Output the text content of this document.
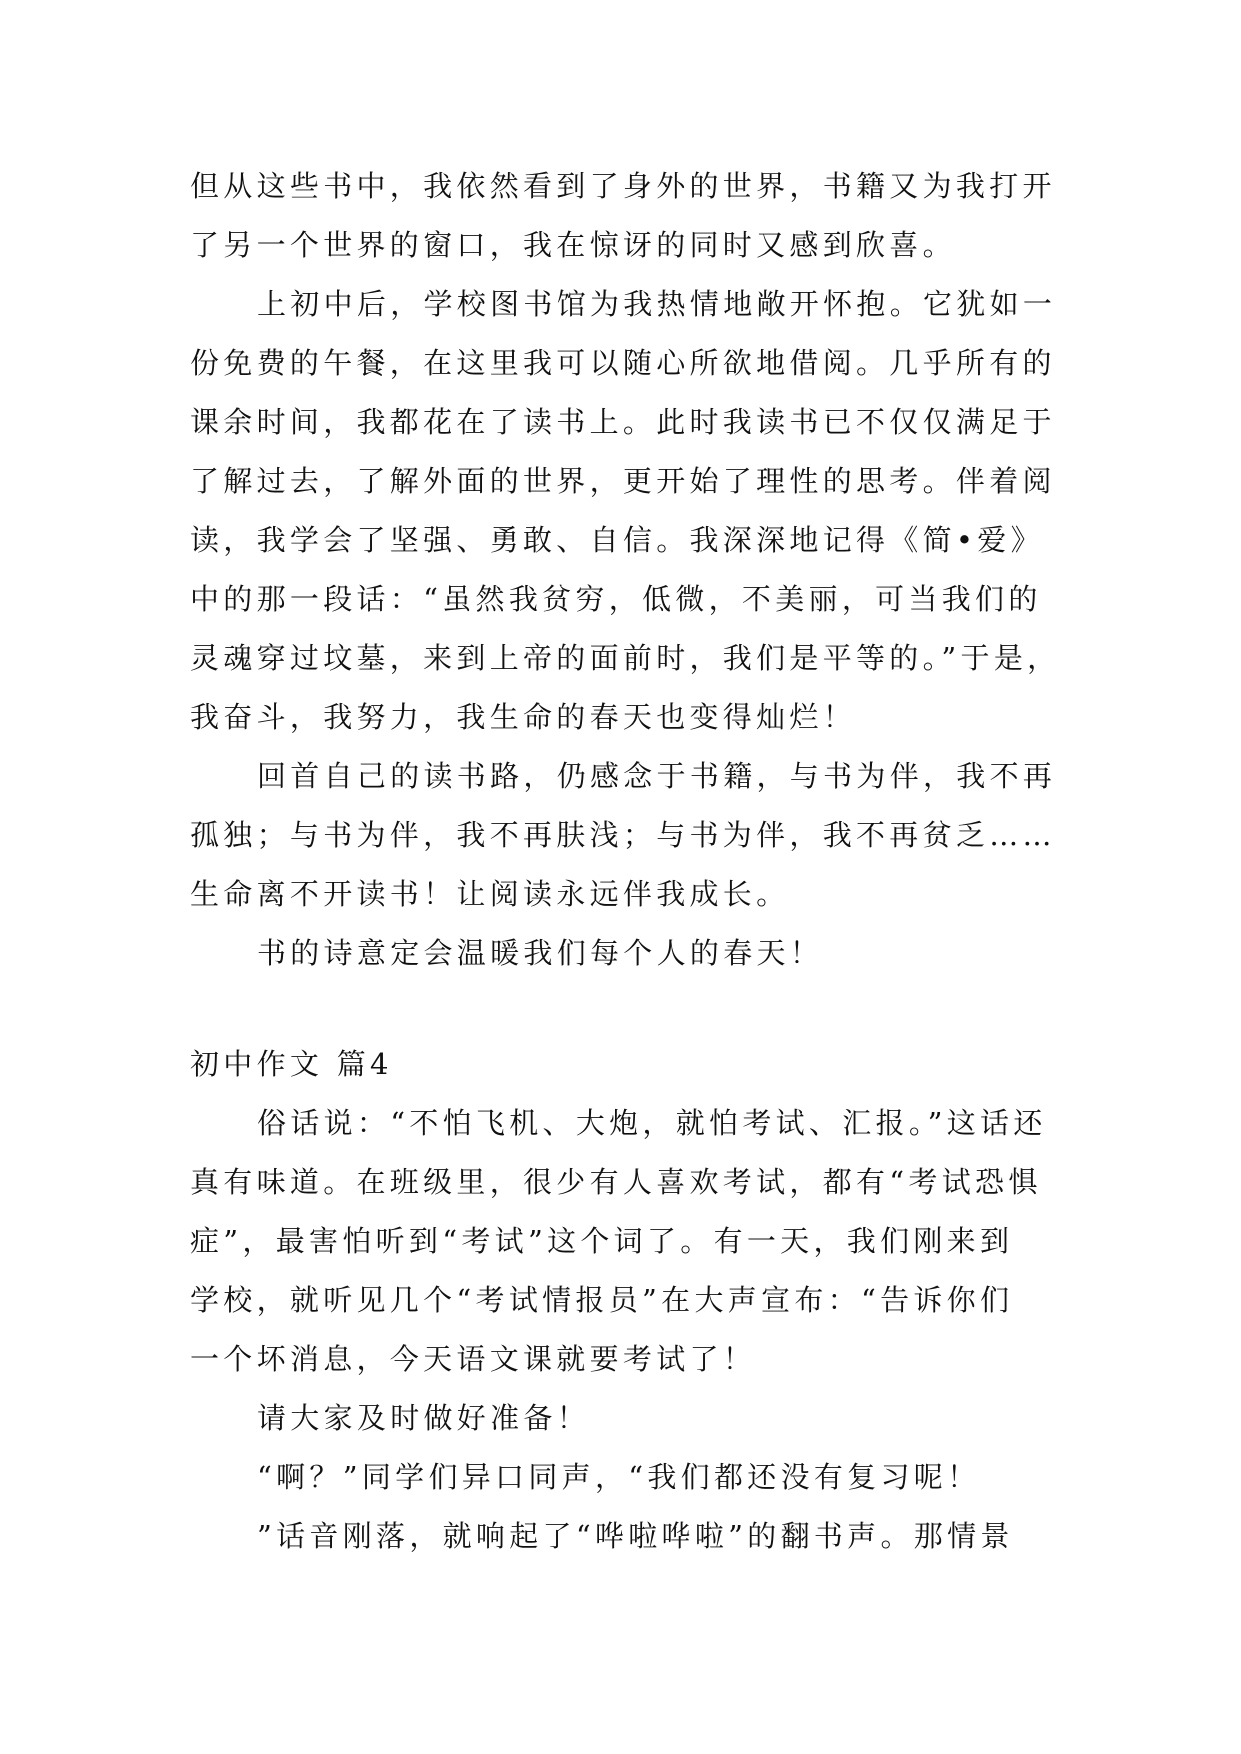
但从这些书中，我依然看到了身外的世界，书籍又为我打开
了另一个世界的窗口，我在惊讶的同时又感到欣喜。
上初中后，学校图书馆为我热情地敞开怀抱。它犹如一
份免费的午餐，在这里我可以随心所欲地借阅。几乎所有的
课余时间，我都花在了读书上。此时我读书已不仅仅满足于
了解过去，了解外面的世界，更开始了理性的思考。伴着阅
读，我学会了坚强、勇敢、自信。我深深地记得《简•爱》
中的那一段话：“虽然我贫穷，低微，不美丽，可当我们的
灵魂穿过坟墓，来到上帝的面前时，我们是平等的。”于是，
我奋斗，我努力，我生命的春天也变得灿烂！
回首自己的读书路，仍感念于书籍，与书为伴，我不再
孤独；与书为伴，我不再肤浅；与书为伴，我不再贫乏……
生命离不开读书！让阅读永远伴我成长。
书的诗意定会温暖我们每个人的春天！
初中作文 篇4
俗话说：“不怕飞机、大炮，就怕考试、汇报。”这话还
真有味道。在班级里，很少有人喜欢考试，都有“考试恐惧
症”，最害怕听到“考试”这个词了。有一天，我们刚来到
学校，就听见几个“考试情报员”在大声宣布：“告诉你们
一个坏消息，今天语文课就要考试了！
请大家及时做好准备！
“啊？”同学们异口同声，“我们都还没有复习呢！
”话音刚落，就响起了“哗啦哗啦”的翻书声。那情景
